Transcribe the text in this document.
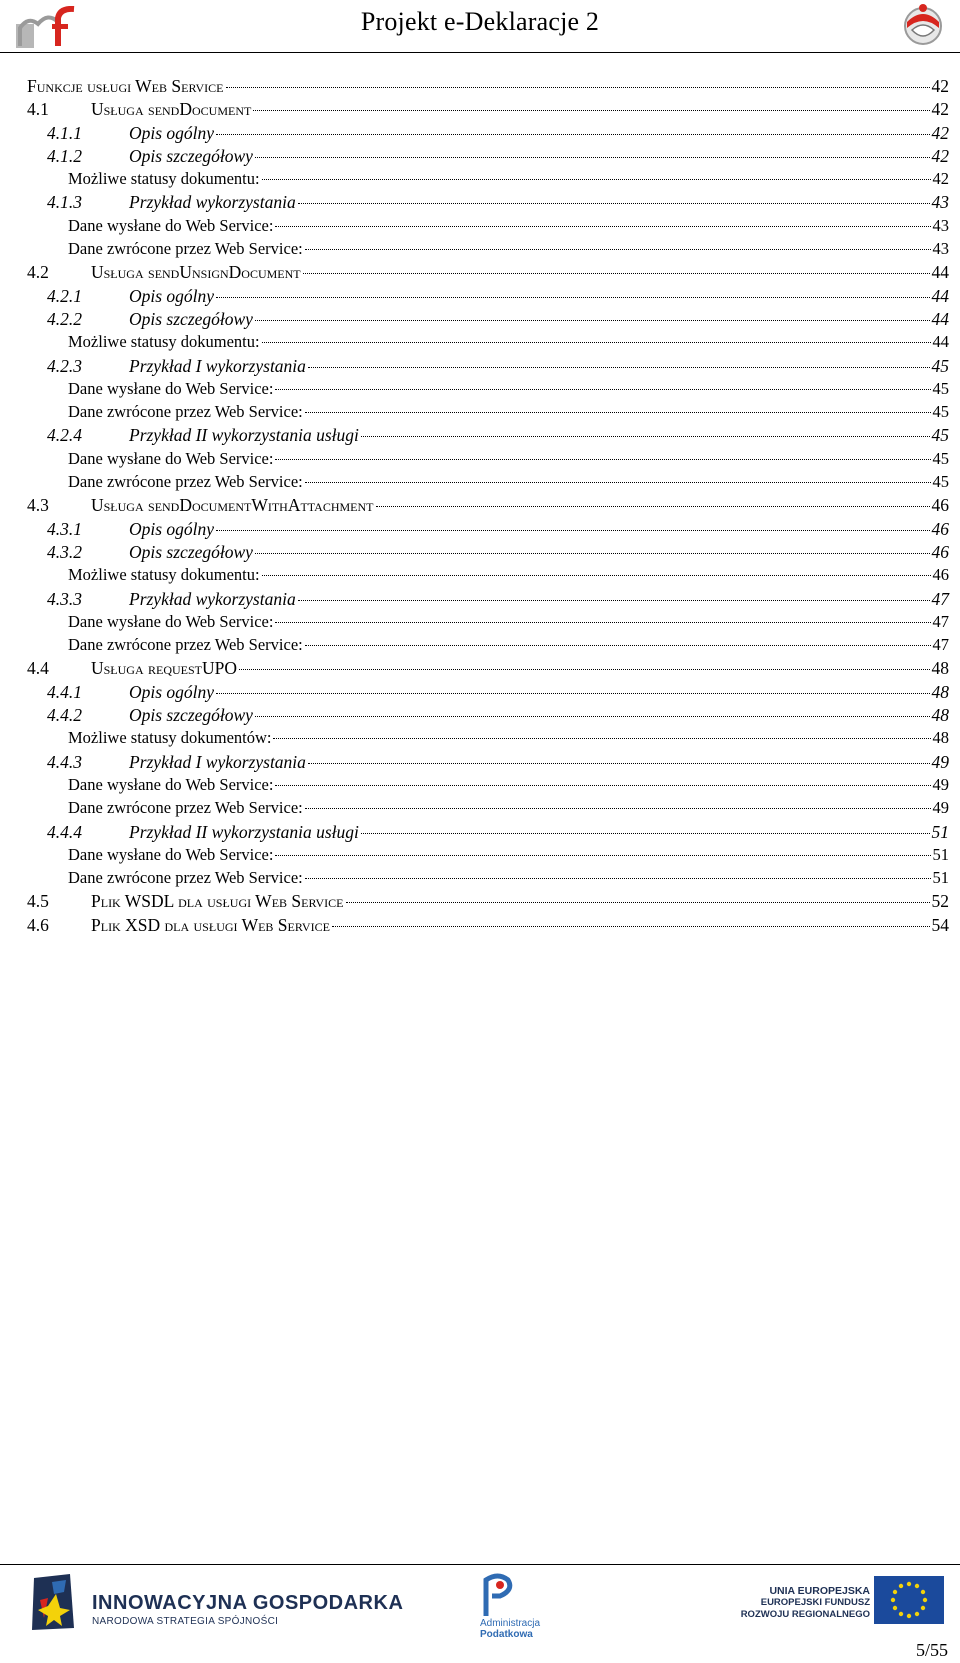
Projekt e-Deklaracje 2
Funkcje usługi Web Service	42
4.1	Usługa sendDocument	42
4.1.1	Opis ogólny	42
4.1.2	Opis szczegółowy	42
Możliwe statusy dokumentu:	42
4.1.3	Przykład wykorzystania	43
Dane wysłane do Web Service:	43
Dane zwrócone przez Web Service:	43
4.2	Usługa sendUnsignDocument	44
4.2.1	Opis ogólny	44
4.2.2	Opis szczegółowy	44
Możliwe statusy dokumentu:	44
4.2.3	Przykład I wykorzystania	45
Dane wysłane do Web Service:	45
Dane zwrócone przez Web Service:	45
4.2.4	Przykład II wykorzystania usługi	45
Dane wysłane do Web Service:	45
Dane zwrócone przez Web Service:	45
4.3	Usługa sendDocumentWithAttachment	46
4.3.1	Opis ogólny	46
4.3.2	Opis szczegółowy	46
Możliwe statusy dokumentu:	46
4.3.3	Przykład wykorzystania	47
Dane wysłane do Web Service:	47
Dane zwrócone przez Web Service:	47
4.4	Usługa requestUPO	48
4.4.1	Opis ogólny	48
4.4.2	Opis szczegółowy	48
Możliwe statusy dokumentów:	48
4.4.3	Przykład I wykorzystania	49
Dane wysłane do Web Service:	49
Dane zwrócone przez Web Service:	49
4.4.4	Przykład II wykorzystania usługi	51
Dane wysłane do Web Service:	51
Dane zwrócone przez Web Service:	51
4.5	Plik WSDL dla usługi Web Service	52
4.6	Plik XSD dla usługi Web Service	54
INNOWACYJNA GOSPODARKA
NARODOWA STRATEGIA SPÓJNOŚCI	Administracja
Podatkowa
UNIA EUROPEJSKA
EUROPEJSKI FUNDUSZ
ROZWOJU REGIONALNEGO
5/55
